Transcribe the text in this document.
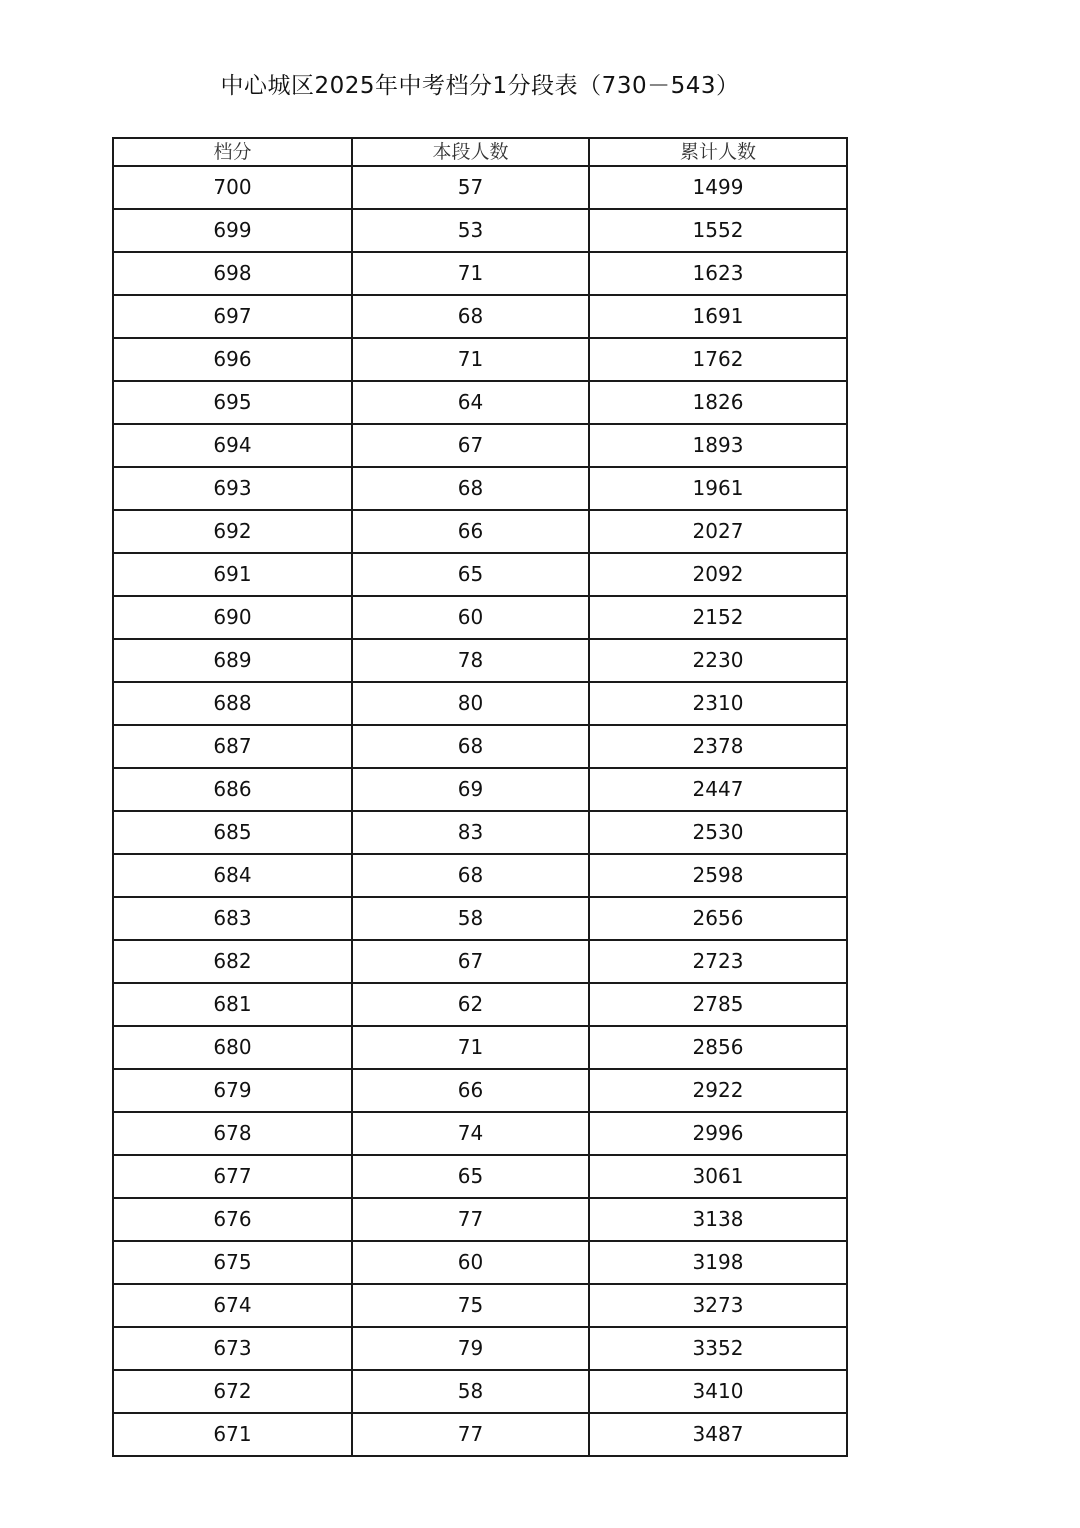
中心城区2025年中考档分1分段表（730－543）
档分	本段人数	累计人数
700	57	1499
699	53	1552
698	71	1623
697	68	1691
696	71	1762
695	64	1826
694	67	1893
693	68	1961
692	66	2027
691	65	2092
690	60	2152
689	78	2230
688	80	2310
687	68	2378
686	69	2447
685	83	2530
684	68	2598
683	58	2656
682	67	2723
681	62	2785
680	71	2856
679	66	2922
678	74	2996
677	65	3061
676	77	3138
675	60	3198
674	75	3273
673	79	3352
672	58	3410
671	77	3487
